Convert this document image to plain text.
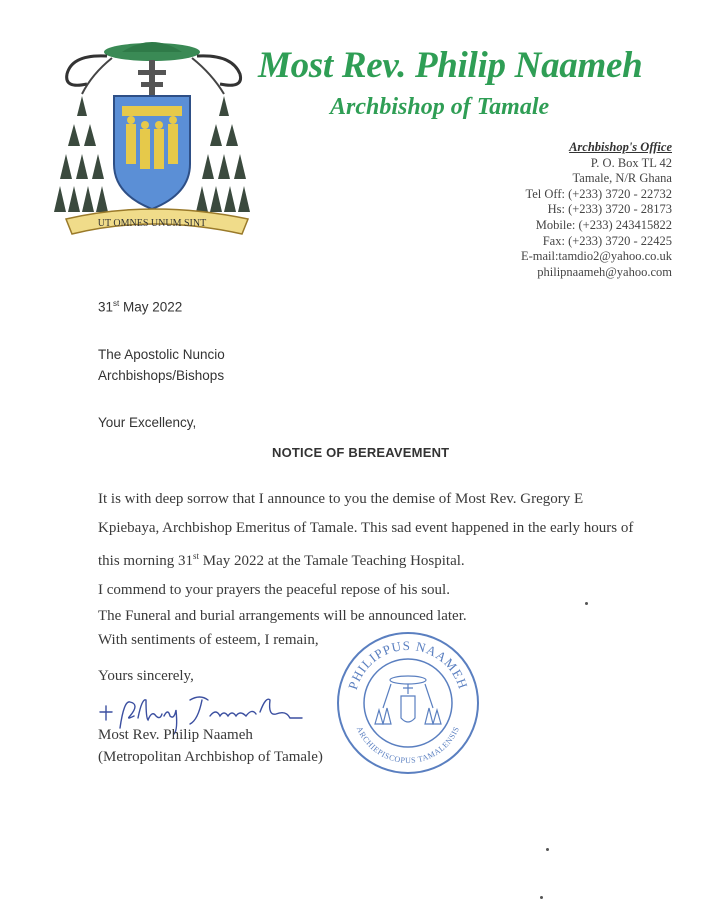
UT OMNES UNUM SINT
Most Rev. Philip Naameh
Archbishop of Tamale
Archbishop's Office
P. O. Box TL 42
Tamale, N/R Ghana
Tel Off: (+233) 3720 - 22732
Hs: (+233) 3720 - 28173
Mobile: (+233) 243415822
Fax: (+233) 3720 - 22425
E-mail:tamdio2@yahoo.co.uk
philipnaameh@yahoo.com
31st May 2022
The Apostolic Nuncio
Archbishops/Bishops
Your Excellency,
NOTICE OF BEREAVEMENT
It is with deep sorrow that I announce to you the demise of Most Rev. Gregory E Kpiebaya, Archbishop Emeritus of Tamale. This sad event happened in the early hours of this morning 31st May 2022 at the Tamale Teaching Hospital.
I commend to your prayers the peaceful repose of his soul.
The Funeral and burial arrangements will be announced later.
With sentiments of esteem, I remain,
Yours sincerely,
Most Rev. Philip Naameh
(Metropolitan Archbishop of Tamale)
PHILIPPUS NAAMEH
ARCHIEPISCOPUS TAMALENSIS
